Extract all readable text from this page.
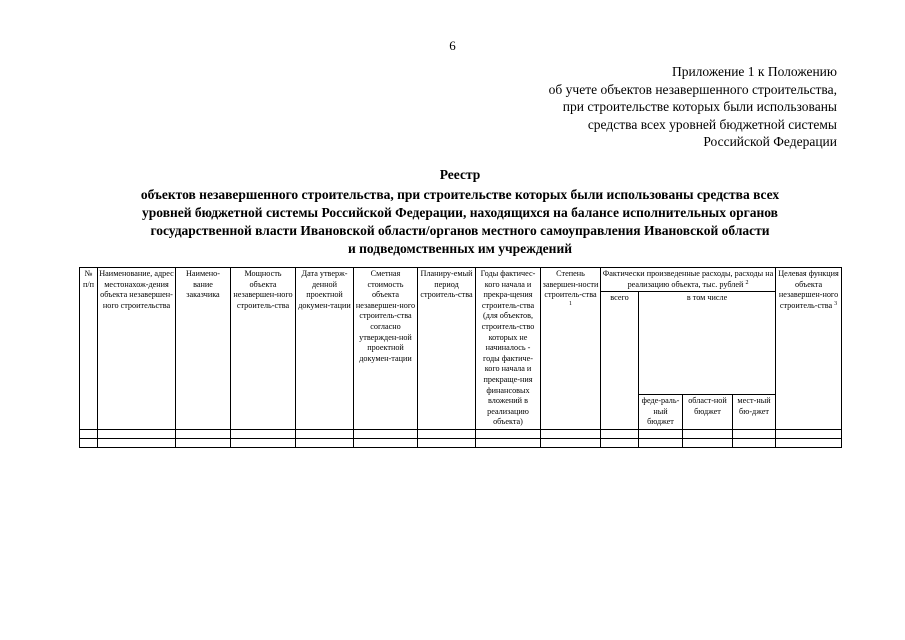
6
Приложение 1 к Положению
об учете объектов незавершенного строительства,
при строительстве которых были использованы
средства всех уровней бюджетной системы
Российской Федерации
Реестр
объектов незавершенного строительства, при строительстве которых были использованы средства всех
уровней бюджетной системы Российской Федерации, находящихся на балансе исполнительных органов
государственной власти Ивановской области/органов местного самоуправления Ивановской области
и подведомственных им учреждений
№ п/п	Наименование, адрес местонахож-дения объекта незавершен-ного строительства	Наимено-вание заказчика	Мощность объекта незавершен-ного строитель-ства	Дата утверж-денной проектной докумен-тации	Сметная стоимость объекта незавершен-ного строитель-ства согласно утвержден-ной проектной докумен-тации	Планиру-емый период строитель-ства	Годы фактичес-кого начала и прекра-щения строитель-ства (для объектов, строитель-ство которых не начиналось - годы фактиче-кого начала и прекраще-ния финансовых вложений в реализацию объекта)	Степень завершен-ности строитель-ства $^1$	Фактически произведенные расходы, расходы на реализацию объекта, тыс. рублей $^2$				Целевая функция объекта незавершен-ного строитель-ства $^3$
									всего	в том числе			
										феде-раль-ный бюджет	област-ной бюджет	мест-ный бю-джет	
